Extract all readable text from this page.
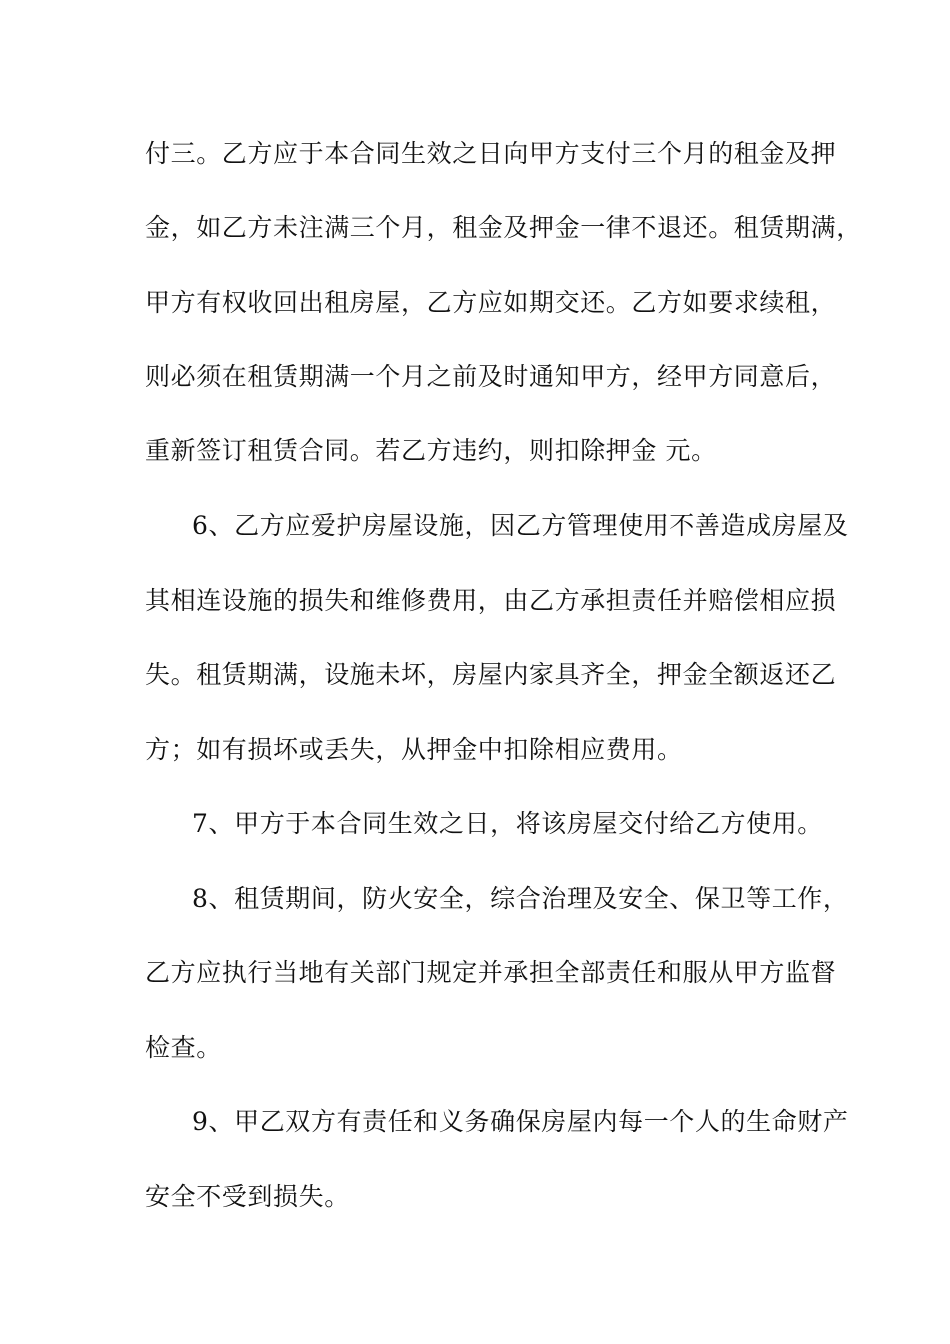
付三。乙方应于本合同生效之日向甲方支付三个月的租金及押
金，如乙方未注满三个月，租金及押金一律不退还。租赁期满，
甲方有权收回出租房屋，乙方应如期交还。乙方如要求续租，
则必须在租赁期满一个月之前及时通知甲方，经甲方同意后，
重新签订租赁合同。若乙方违约，则扣除押金 元。
6、乙方应爱护房屋设施，因乙方管理使用不善造成房屋及
其相连设施的损失和维修费用，由乙方承担责任并赔偿相应损
失。租赁期满，设施未坏，房屋内家具齐全，押金全额返还乙
方；如有损坏或丢失，从押金中扣除相应费用。
7、甲方于本合同生效之日，将该房屋交付给乙方使用。
8、租赁期间，防火安全，综合治理及安全、保卫等工作，
乙方应执行当地有关部门规定并承担全部责任和服从甲方监督
检查。
9、甲乙双方有责任和义务确保房屋内每一个人的生命财产
安全不受到损失。
